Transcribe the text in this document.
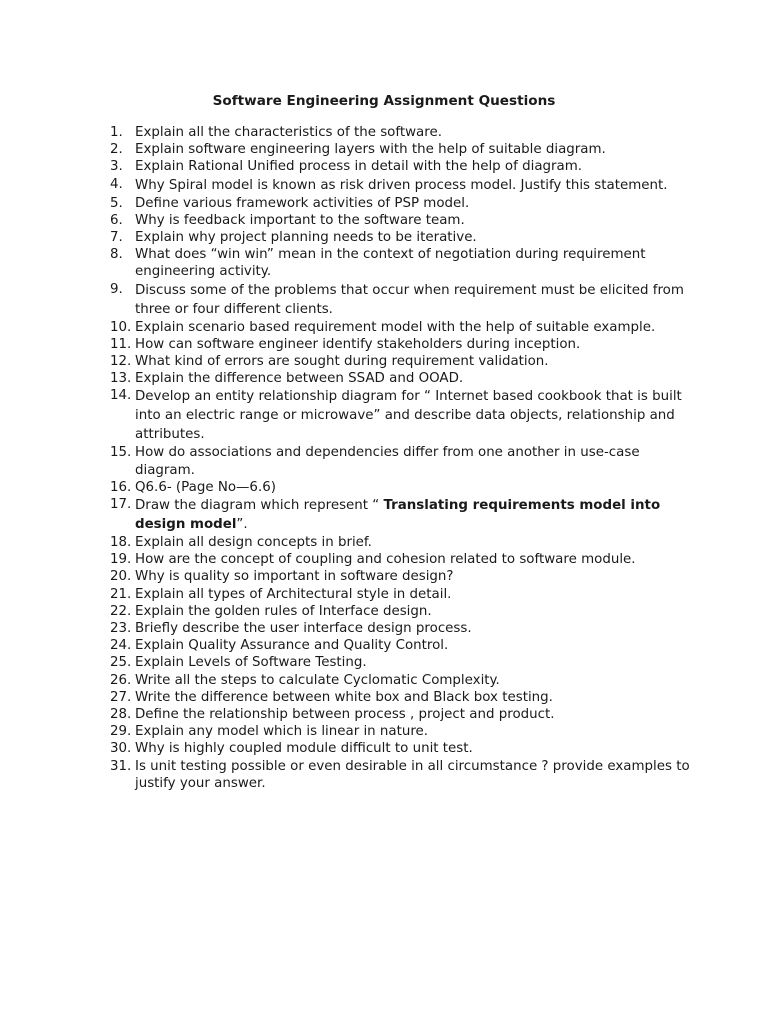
Software Engineering Assignment Questions
1. Explain all the characteristics of the software.
2. Explain software engineering layers with the help of suitable diagram.
3. Explain Rational Unified process in detail with the help of diagram.
4. Why Spiral model is known as risk driven process model. Justify this statement.
5. Define various framework activities of PSP model.
6. Why is feedback important to the software team.
7. Explain why project planning needs to be iterative.
8. What does “win win” mean in the context of negotiation during requirement engineering activity.
9. Discuss some of the problems that occur when requirement must be elicited from three or four different clients.
10. Explain scenario based requirement model with the help of suitable example.
11. How can software engineer identify stakeholders during inception.
12. What kind of errors are sought during requirement validation.
13. Explain the difference between SSAD and OOAD.
14. Develop an entity relationship diagram for “ Internet based cookbook that is built into an electric range or microwave” and describe data objects, relationship and attributes.
15. How do associations and dependencies differ from one another in use-case diagram.
16. Q6.6- (Page No—6.6)
17. Draw the diagram which represent “ Translating requirements model into design model”.
18. Explain all design concepts in brief.
19. How are the concept of coupling and cohesion related to software module.
20. Why is quality so important in software design?
21. Explain all types of Architectural style in detail.
22. Explain the golden rules of Interface design.
23. Briefly describe the user interface design process.
24. Explain Quality Assurance and Quality Control.
25. Explain Levels of Software Testing.
26. Write all the steps to calculate Cyclomatic Complexity.
27. Write the difference between white box and Black box testing.
28. Define the relationship between process , project and product.
29. Explain any model which is linear in nature.
30. Why is highly coupled module difficult to unit test.
31. Is unit testing possible or even desirable in all circumstance ? provide examples to justify your answer.
